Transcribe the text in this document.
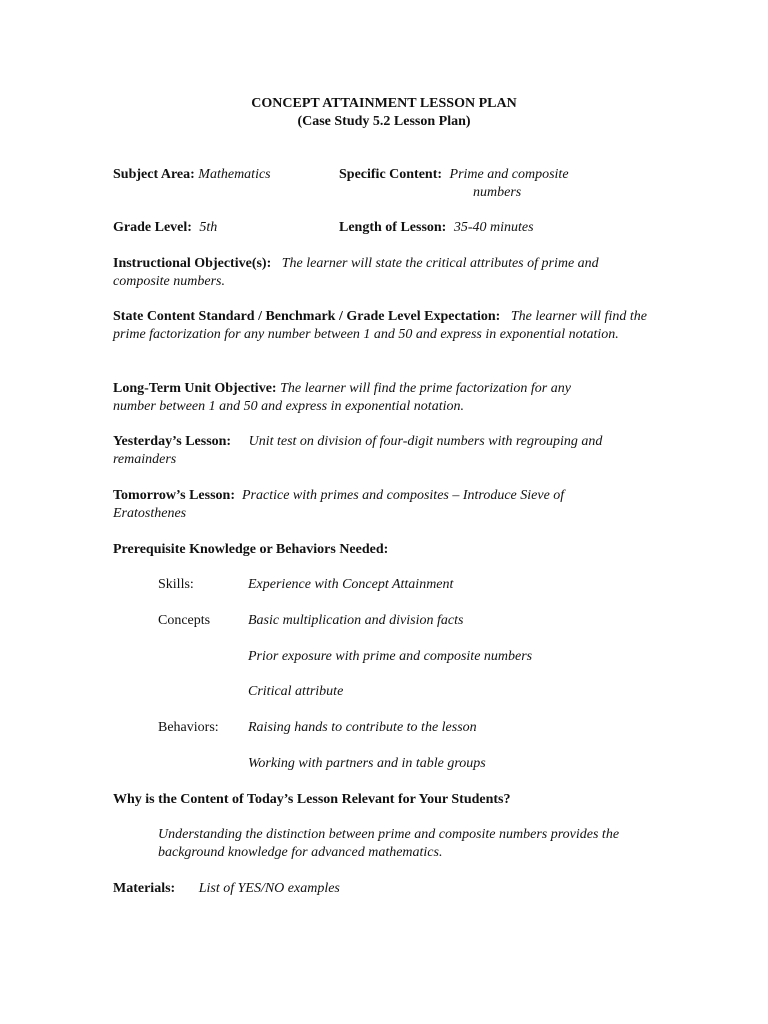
CONCEPT ATTAINMENT LESSON PLAN
(Case Study 5.2 Lesson Plan)
Subject Area: Mathematics	Specific Content: Prime and composite
numbers
Grade Level: 5th	Length of Lesson: 35-40 minutes
Instructional Objective(s): The learner will state the critical attributes of prime and composite numbers.
State Content Standard / Benchmark / Grade Level Expectation: The learner will find the prime factorization for any number between 1 and 50 and express in exponential notation.
Long-Term Unit Objective: The learner will find the prime factorization for any number between 1 and 50 and express in exponential notation.
Yesterday’s Lesson: Unit test on division of four-digit numbers with regrouping and remainders
Tomorrow’s Lesson: Practice with primes and composites – Introduce Sieve of Eratosthenes
Prerequisite Knowledge or Behaviors Needed:
Skills:	Experience with Concept Attainment
Concepts	Basic multiplication and division facts
Prior exposure with prime and composite numbers
Critical attribute
Behaviors: Raising hands to contribute to the lesson
Working with partners and in table groups
Why is the Content of Today’s Lesson Relevant for Your Students?
Understanding the distinction between prime and composite numbers provides the background knowledge for advanced mathematics.
Materials: List of YES/NO examples
